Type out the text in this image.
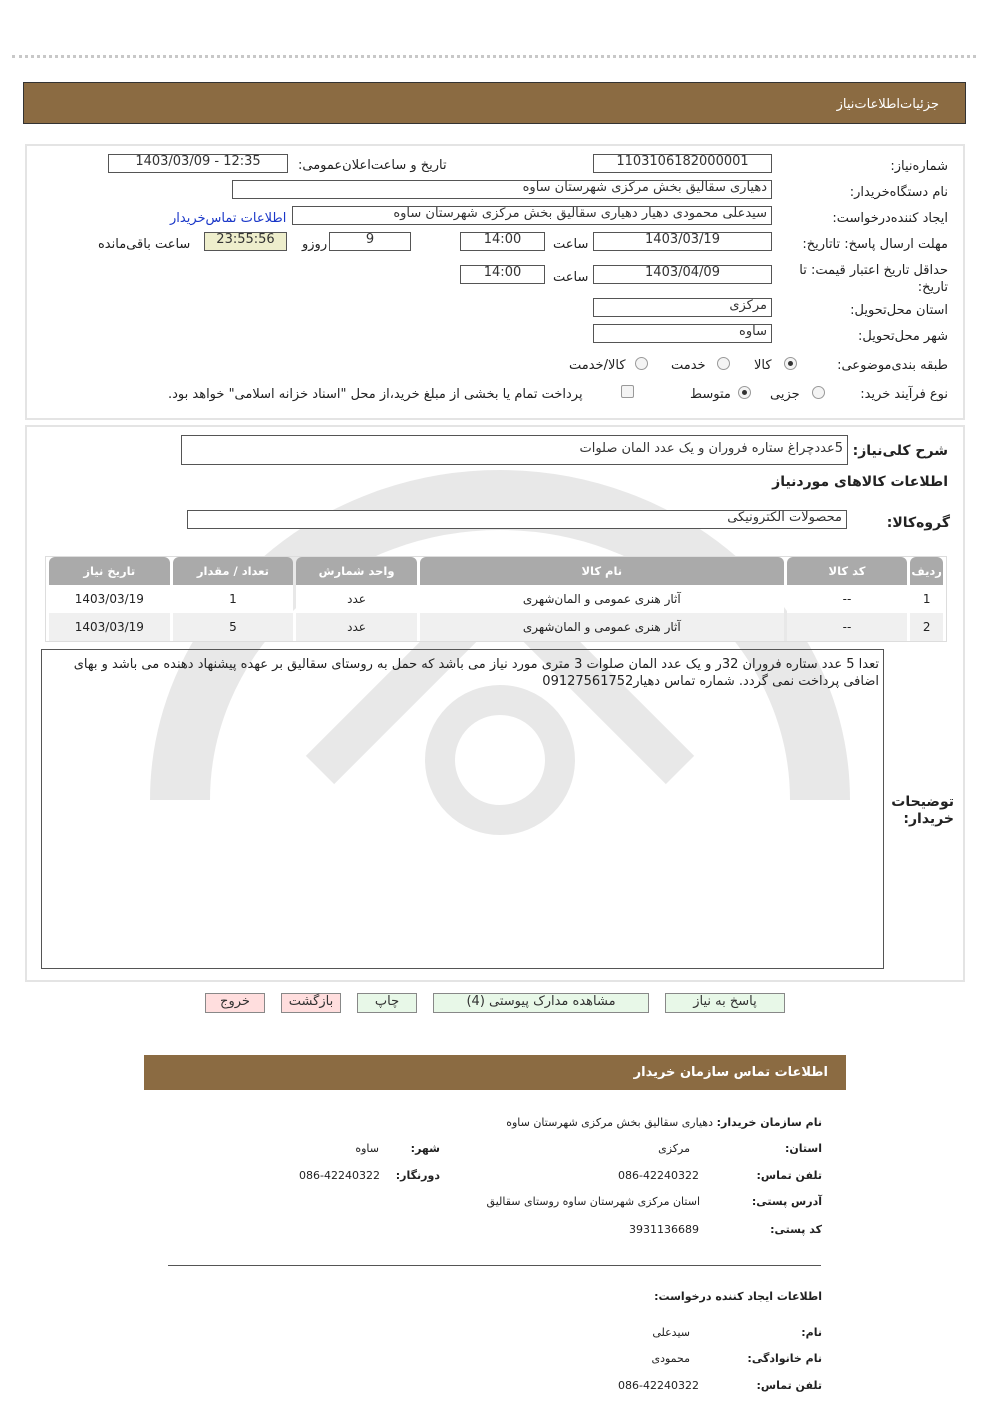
جزئیات‌اطلاعات‌نیاز
شماره‌نیاز:
1103106182000001
تاریخ و ساعت‌اعلان‌عمومی:
1403/03/09 - 12:35
نام دستگاه‌خریدار:
دهیاری سقالیق بخش مرکزی شهرستان ساوه
ایجاد کننده‌درخواست:
سیدعلی محمودی دهیار دهیاری سقالیق بخش مرکزی شهرستان ساوه
اطلاعات تماس‌خریدار
مهلت ارسال پاسخ: تاتاریخ:
1403/03/19
ساعت
14:00
9
روزو
23:55:56
ساعت باقی‌مانده
حداقل تاریخ اعتبار قیمت: تا تاریخ:
1403/04/09
ساعت
14:00
استان محل‌تحویل:
مرکزی
شهر محل‌تحویل:
ساوه
طبقه بندی‌موضوعی:
کالا
خدمت
کالا/خدمت
نوع فرآیند خرید:
جزیی
متوسط
پرداخت تمام یا بخشی از مبلغ خرید،از محل "اسناد خزانه اسلامی" خواهد بود.
شرح کلی‌نیاز:
5عددچراغ ستاره فروران و یک عدد المان صلوات
اطلاعات کالاهای مورد‌نیاز
گروه‌کالا:
محصولات الکترونیکی
ردیف	کد کالا	نام کالا	واحد شمارش	تعداد / مقدار	تاریخ نیاز
1	--	آثار هنری عمومی و المان‌شهری	عدد	1	1403/03/19
2	--	آثار هنری عمومی و المان‌شهری	عدد	5	1403/03/19
تعدا 5 عدد ستاره فروران 32ر و یک عدد المان صلوات 3 متری مورد نیاز می باشد که حمل به روستای سقالیق بر عهده پیشنهاد دهنده می باشد و بهای اضافی پرداخت نمی گردد. شماره تماس دهیار09127561752
توضیحات خریدار:
پاسخ به نیاز
مشاهده مدارک پیوستی (4)
چاپ
بازگشت
خروج
اطلاعات تماس سازمان خریدار
نام سازمان خریدار:
دهیاری سقالیق بخش مرکزی شهرستان ساوه
استان:
مرکزی
شهر:
ساوه
تلفن تماس:
086-42240322
دورنگار:
086-42240322
آدرس پستی:
استان مرکزی شهرستان ساوه روستای سقالیق
کد پستی:
3931136689
اطلاعات ایجاد کننده درخواست:
نام:
سیدعلی
نام خانوادگی:
محمودی
تلفن تماس:
086-42240322
